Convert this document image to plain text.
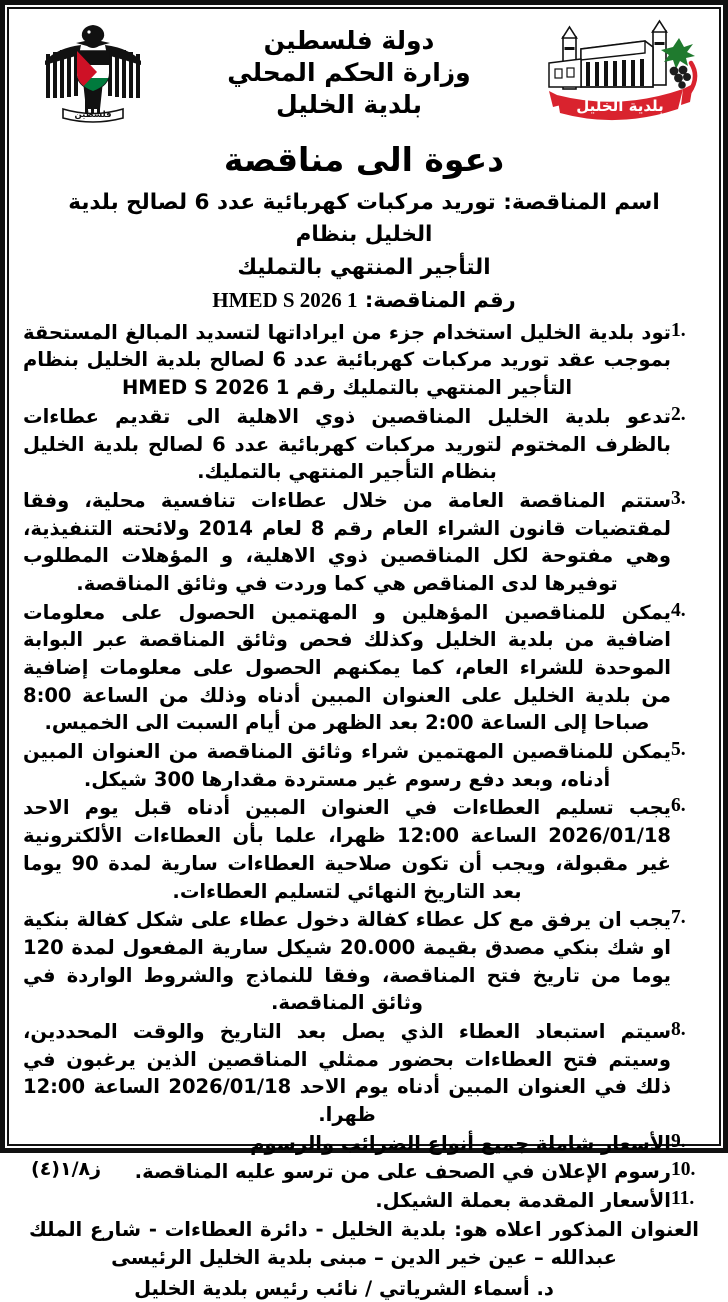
بلدية الخليل
دولة فلسطين
وزارة الحكم المحلي
بلدية الخليل
فلسطين
دعوة الى مناقصة
اسم المناقصة: توريد مركبات كهربائية عدد 6 لصالح بلدية الخليل بنظام
التأجير المنتهي بالتمليك
رقم المناقصة: HMED S 2026 1
1.
تود بلدية الخليل استخدام جزء من ايراداتها لتسديد المبالغ المستحقة بموجب عقد توريد مركبات كهربائية عدد 6 لصالح بلدية الخليل بنظام التأجير المنتهي بالتمليك رقم HMED S 2026 1
2.
تدعو بلدية الخليل المناقصين ذوي الاهلية الى تقديم عطاءات بالظرف المختوم لتوريد مركبات كهربائية عدد 6 لصالح بلدية الخليل بنظام التأجير المنتهي بالتمليك.
3.
ستتم المناقصة العامة من خلال عطاءات تنافسية محلية، وفقا لمقتضيات قانون الشراء العام رقم 8 لعام 2014 ولائحته التنفيذية، وهي مفتوحة لكل المناقصين ذوي الاهلية، و المؤهلات المطلوب توفيرها لدى المناقص هي كما وردت في وثائق المناقصة.
4.
يمكن للمناقصين المؤهلين و المهتمين الحصول على معلومات اضافية من بلدية الخليل وكذلك فحص وثائق المناقصة عبر البوابة الموحدة للشراء العام، كما يمكنهم الحصول على معلومات إضافية من بلدية الخليل على العنوان المبين أدناه وذلك من الساعة 8:00 صباحا إلى الساعة 2:00 بعد الظهر من أيام السبت الى الخميس.
5.
يمكن للمناقصين المهتمين شراء وثائق المناقصة من العنوان المبين أدناه، وبعد دفع رسوم غير مستردة مقدارها 300 شيكل.
6.
يجب تسليم العطاءات في العنوان المبين أدناه قبل يوم الاحد 2026/01/18 الساعة 12:00 ظهرا، علما بأن العطاءات الألكترونية غير مقبولة، ويجب أن تكون صلاحية العطاءات سارية لمدة 90 يوما بعد التاريخ النهائي لتسليم العطاءات.
7.
يجب ان يرفق مع كل عطاء كفالة دخول عطاء على شكل كفالة بنكية او شك بنكي مصدق بقيمة 20.000 شيكل سارية المفعول لمدة 120 يوما من تاريخ فتح المناقصة، وفقا للنماذج والشروط الواردة في وثائق المناقصة.
8.
سيتم استبعاد العطاء الذي يصل بعد التاريخ والوقت المحددين، وسيتم فتح العطاءات بحضور ممثلي المناقصين الذين يرغبون في ذلك في العنوان المبين أدناه يوم الاحد 2026/01/18 الساعة 12:00 ظهرا.
9.
الأسعار شاملة جميع أنواع الضرائب والرسوم
10.
رسوم الإعلان في الصحف على من ترسو عليه المناقصة.
11.
الأسعار المقدمة بعملة الشيكل.
ز١/٨(٤)
العنوان المذكور اعلاه هو: بلدية الخليل - دائرة العطاءات - شارع الملك عبدالله – عين خير الدين – مبنى بلدية الخليل الرئيسى
د. أسماء الشرياتي / نائب رئيس بلدية الخليل
